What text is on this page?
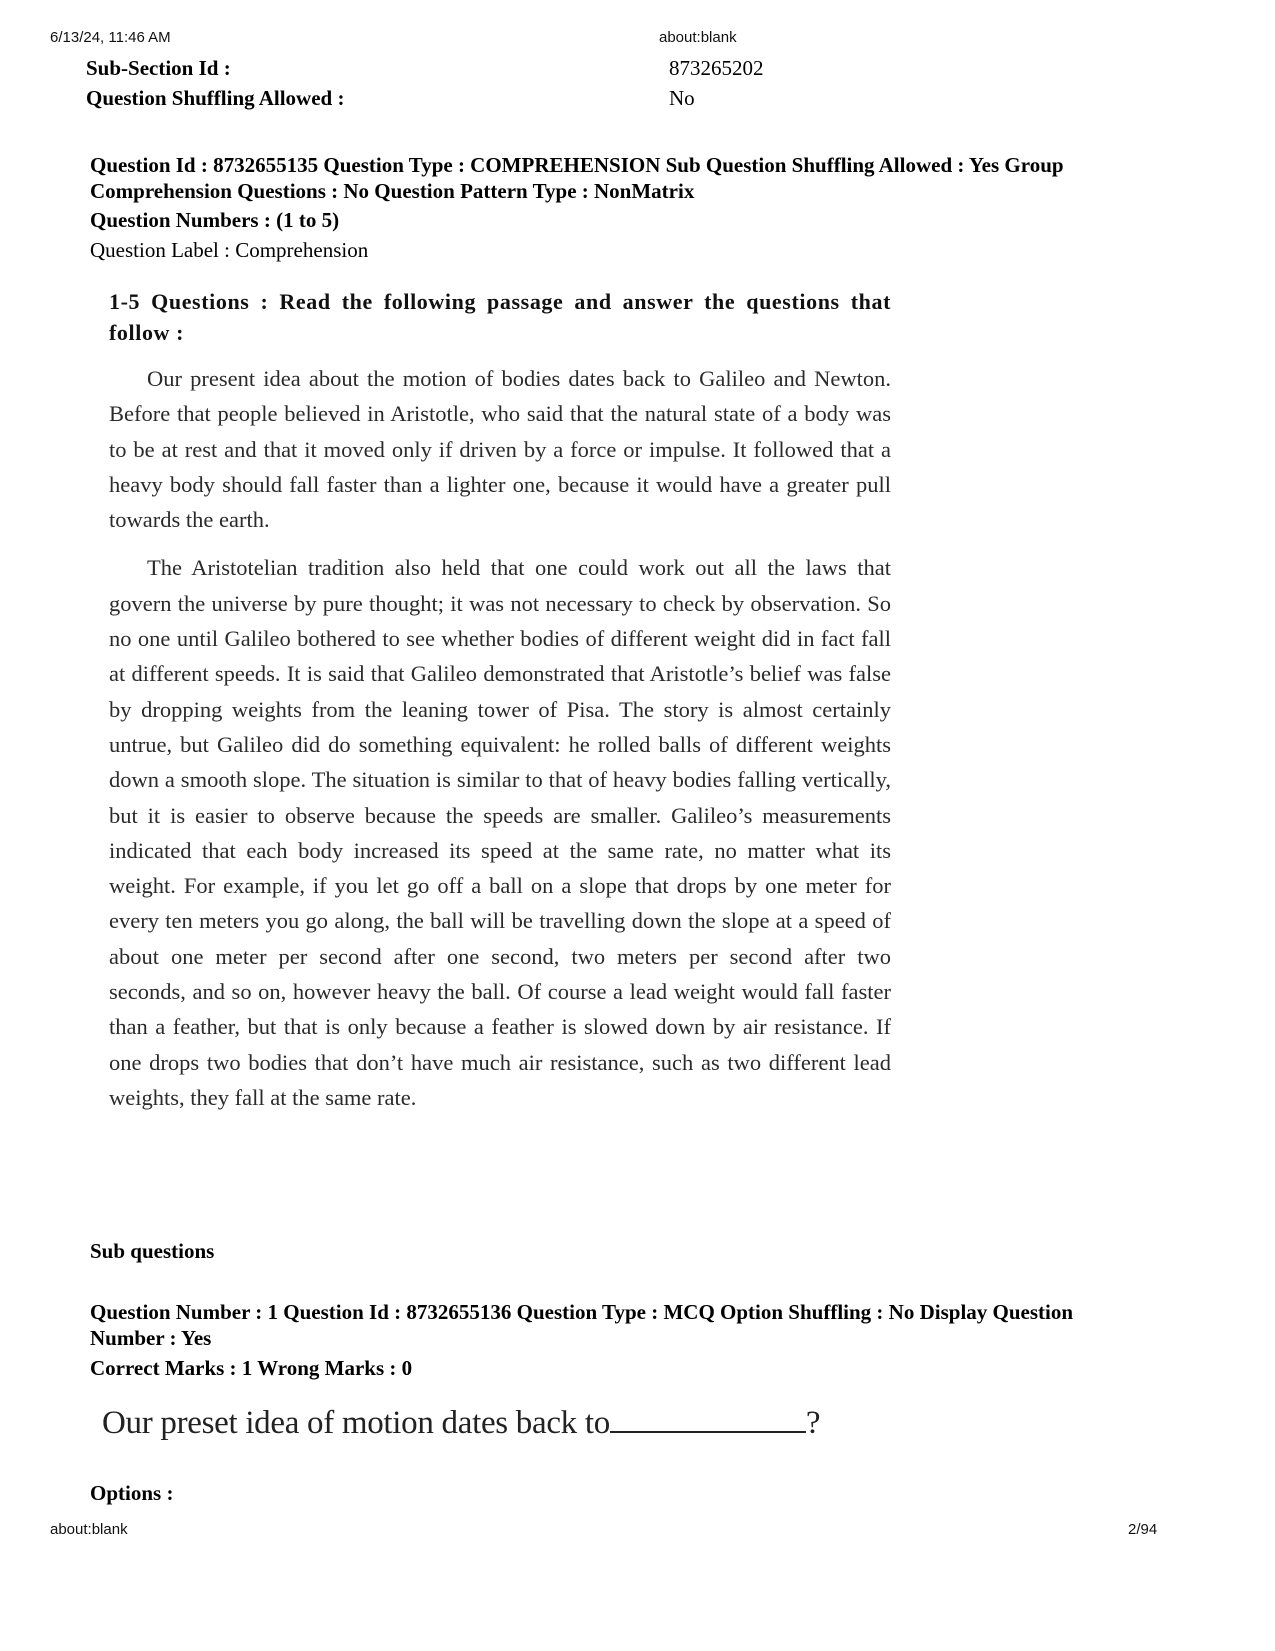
6/13/24, 11:46 AM	about:blank
Sub-Section Id :	873265202
Question Shuffling Allowed :	No
Question Id : 8732655135 Question Type : COMPREHENSION Sub Question Shuffling Allowed : Yes Group
Comprehension Questions : No Question Pattern Type : NonMatrix
Question Numbers : (1 to 5)
Question Label : Comprehension
1-5 Questions : Read the following passage and answer the questions that follow :
Our present idea about the motion of bodies dates back to Galileo and Newton. Before that people believed in Aristotle, who said that the natural state of a body was to be at rest and that it moved only if driven by a force or impulse. It followed that a heavy body should fall faster than a lighter one, because it would have a greater pull towards the earth.
The Aristotelian tradition also held that one could work out all the laws that govern the universe by pure thought; it was not necessary to check by observation. So no one until Galileo bothered to see whether bodies of different weight did in fact fall at different speeds. It is said that Galileo demonstrated that Aristotle’s belief was false by dropping weights from the leaning tower of Pisa. The story is almost certainly untrue, but Galileo did do something equivalent: he rolled balls of different weights down a smooth slope. The situation is similar to that of heavy bodies falling vertically, but it is easier to observe because the speeds are smaller. Galileo’s measurements indicated that each body increased its speed at the same rate, no matter what its weight. For example, if you let go off a ball on a slope that drops by one meter for every ten meters you go along, the ball will be travelling down the slope at a speed of about one meter per second after one second, two meters per second after two seconds, and so on, however heavy the ball. Of course a lead weight would fall faster than a feather, but that is only because a feather is slowed down by air resistance. If one drops two bodies that don’t have much air resistance, such as two different lead weights, they fall at the same rate.
Sub questions
Question Number : 1 Question Id : 8732655136 Question Type : MCQ Option Shuffling : No Display Question
Number : Yes
Correct Marks : 1 Wrong Marks : 0
Our preset idea of motion dates back to	?
Options :
about:blank	2/94
